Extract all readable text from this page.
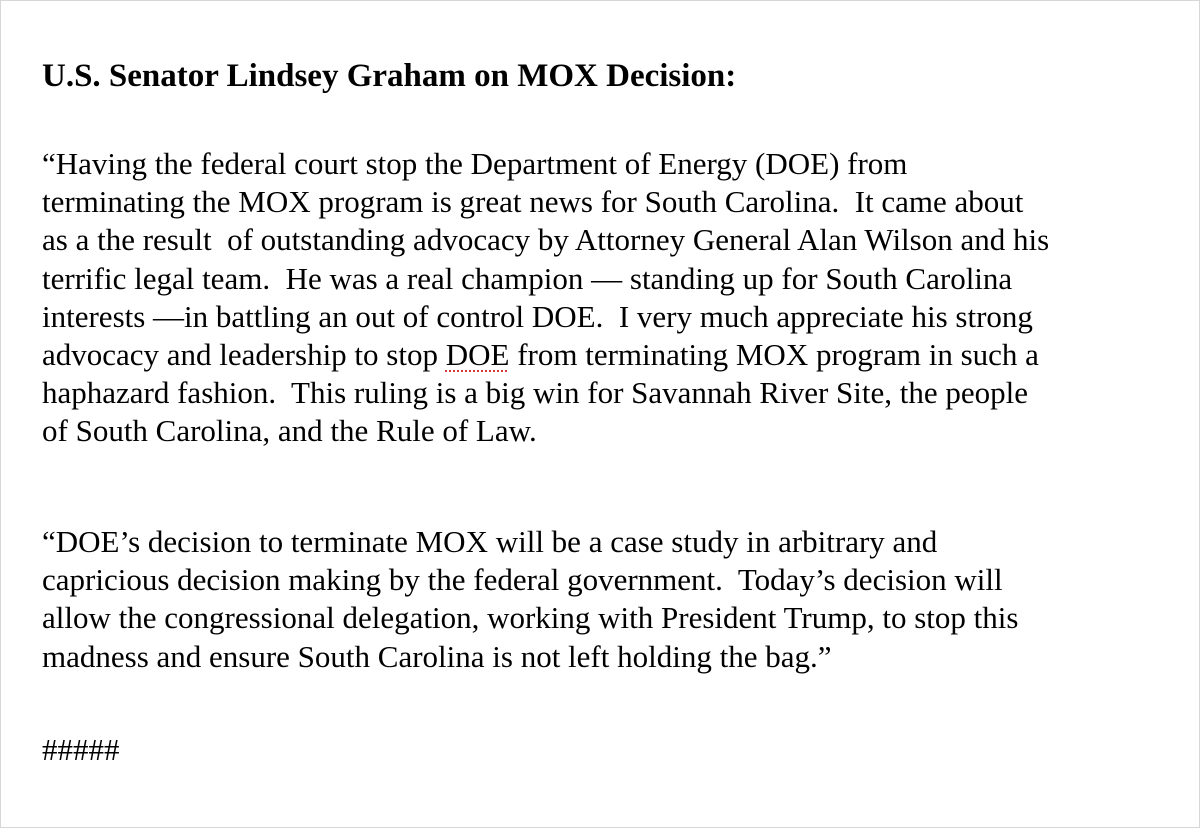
U.S. Senator Lindsey Graham on MOX Decision:

“Having the federal court stop the Department of Energy (DOE) from
terminating the MOX program is great news for South Carolina.  It came about
as a the result  of outstanding advocacy by Attorney General Alan Wilson and his
terrific legal team.  He was a real champion — standing up for South Carolina
interests —in battling an out of control DOE.  I very much appreciate his strong
advocacy and leadership to stop DOE from terminating MOX program in such a
haphazard fashion.  This ruling is a big win for Savannah River Site, the people
of South Carolina, and the Rule of Law.

“DOE’s decision to terminate MOX will be a case study in arbitrary and
capricious decision making by the federal government.  Today’s decision will
allow the congressional delegation, working with President Trump, to stop this
madness and ensure South Carolina is not left holding the bag.”

#####
